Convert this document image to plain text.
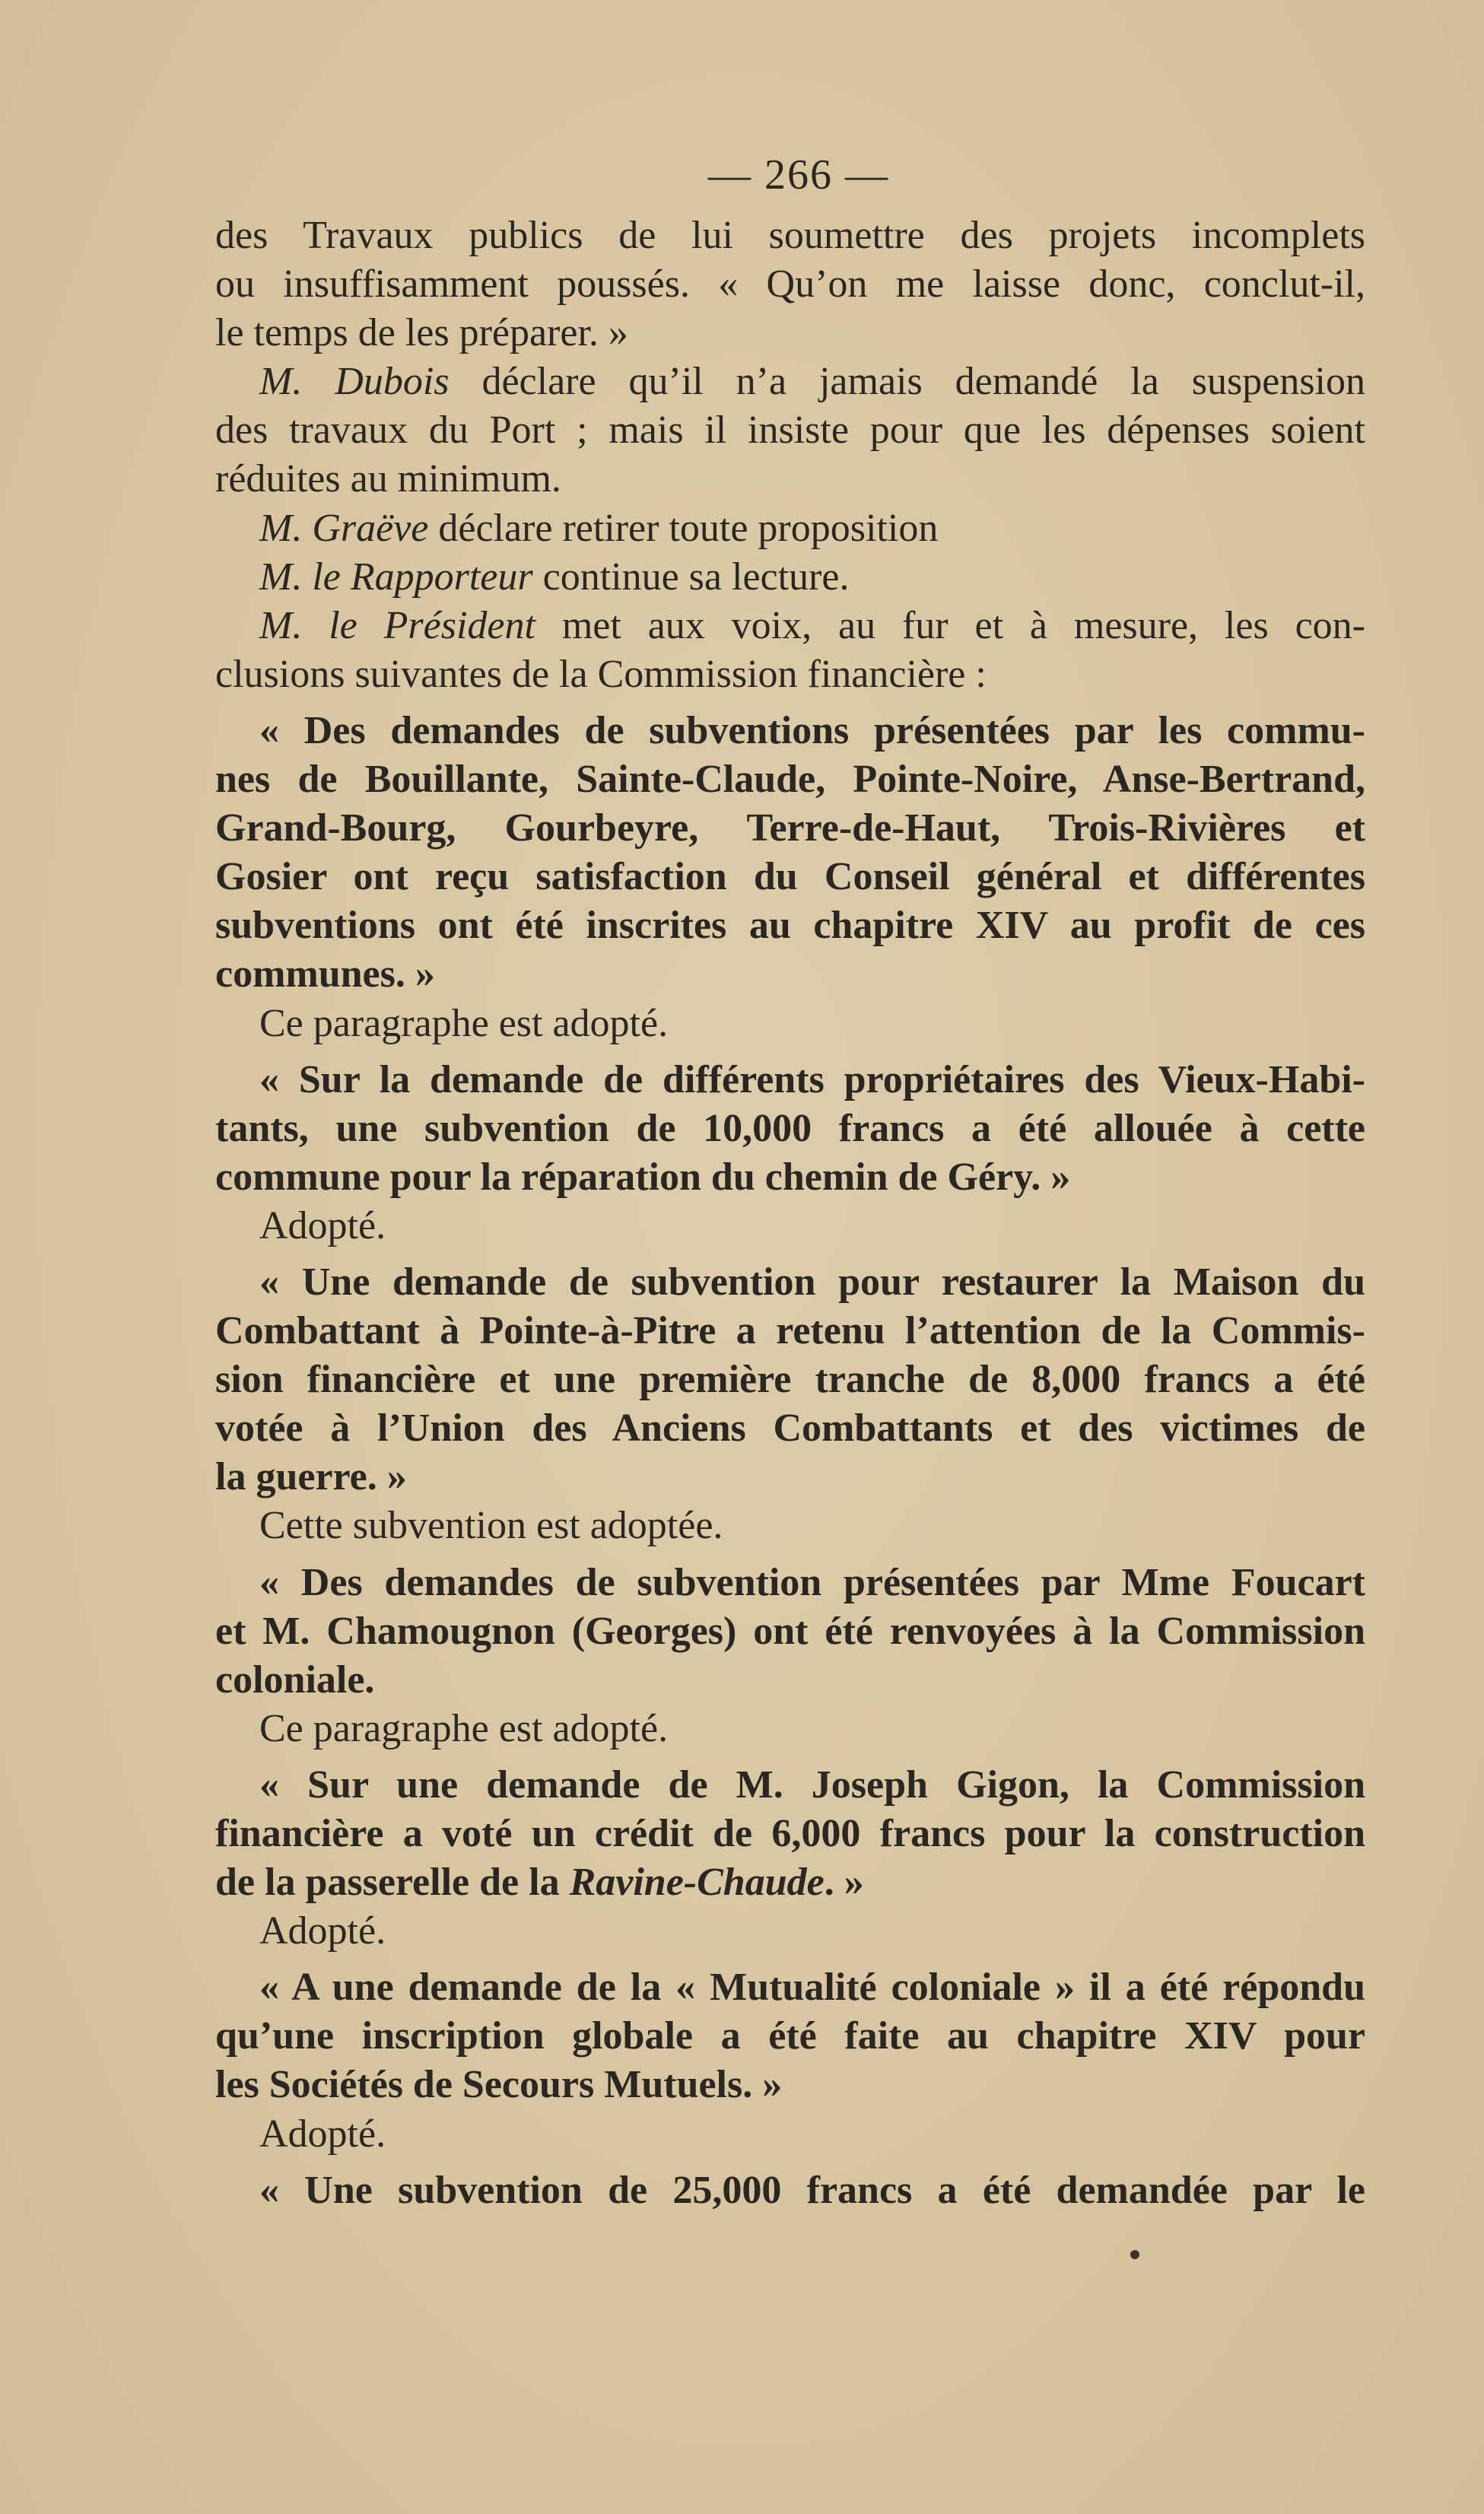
— 266 —
des Travaux publics de lui soumettre des projets incomplets
ou insuffisamment poussés. « Qu’on me laisse donc, conclut-il,
le temps de les préparer. »
M. Dubois déclare qu’il n’a jamais demandé la suspension
des travaux du Port ; mais il insiste pour que les dépenses soient
réduites au minimum.
M. Graëve déclare retirer toute proposition
M. le Rapporteur continue sa lecture.
M. le Président met aux voix, au fur et à mesure, les con-
clusions suivantes de la Commission financière :
« Des demandes de subventions présentées par les commu-
nes de Bouillante, Sainte-Claude, Pointe-Noire, Anse-Bertrand,
Grand-Bourg, Gourbeyre, Terre-de-Haut, Trois-Rivières et
Gosier ont reçu satisfaction du Conseil général et différentes
subventions ont été inscrites au chapitre XIV au profit de ces
communes. »
Ce paragraphe est adopté.
« Sur la demande de différents propriétaires des Vieux-Habi-
tants, une subvention de 10,000 francs a été allouée à cette
commune pour la réparation du chemin de Géry. »
Adopté.
« Une demande de subvention pour restaurer la Maison du
Combattant à Pointe-à-Pitre a retenu l’attention de la Commis-
sion financière et une première tranche de 8,000 francs a été
votée à l’Union des Anciens Combattants et des victimes de
la guerre. »
Cette subvention est adoptée.
« Des demandes de subvention présentées par Mme Foucart
et M. Chamougnon (Georges) ont été renvoyées à la Commission
coloniale.
Ce paragraphe est adopté.
« Sur une demande de M. Joseph Gigon, la Commission
financière a voté un crédit de 6,000 francs pour la construction
de la passerelle de la Ravine-Chaude. »
Adopté.
« A une demande de la « Mutualité coloniale » il a été répondu
qu’une inscription globale a été faite au chapitre XIV pour
les Sociétés de Secours Mutuels. »
Adopté.
« Une subvention de 25,000 francs a été demandée par le
